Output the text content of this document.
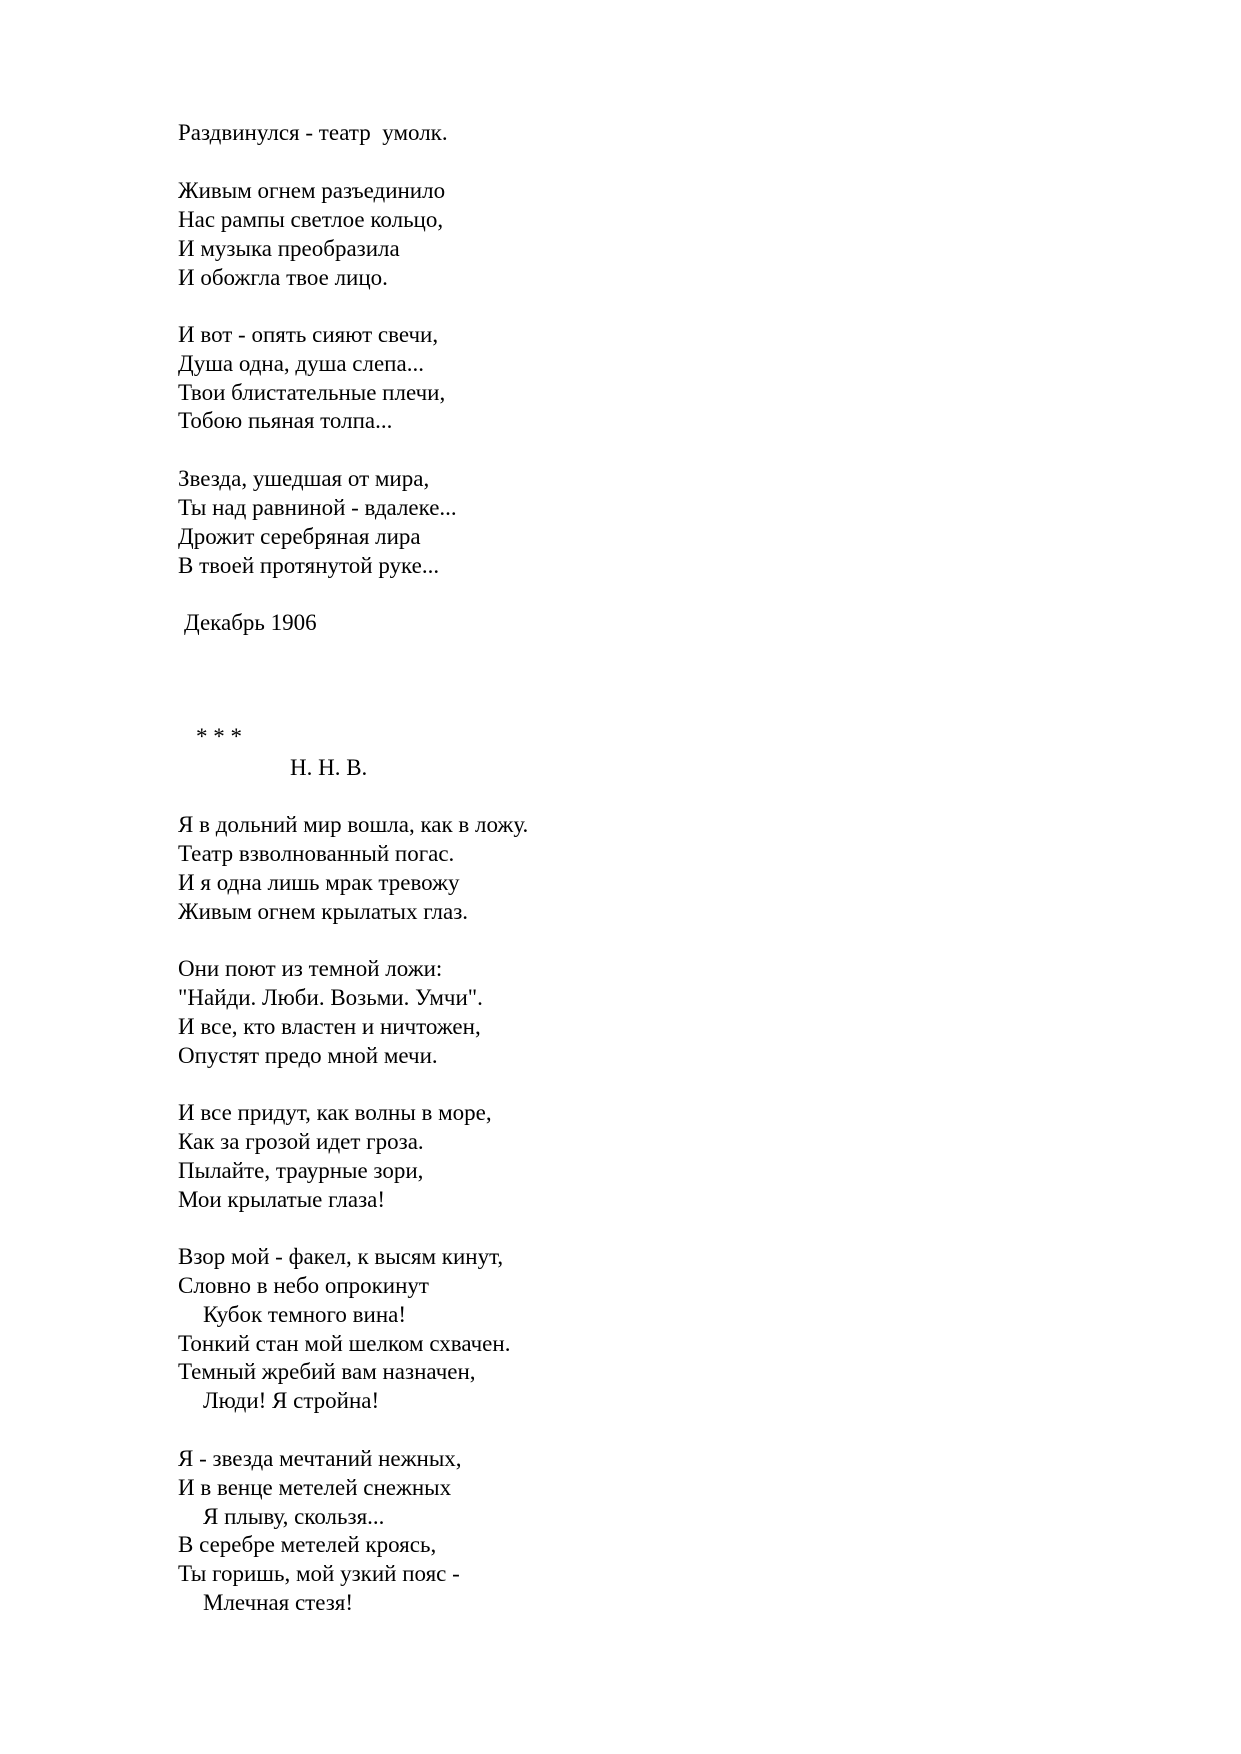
Раздвинулся - театр  умолк.
Живым огнем разъединило
Нас рампы светлое кольцо,
И музыка преобразила
И обожгла твое лицо.
И вот - опять сияют свечи,
Душа одна, душа слепа...
Твои блистательные плечи,
Тобою пьяная толпа...
Звезда, ушедшая от мира,
Ты над равниной - вдалеке...
Дрожит серебряная лира
В твоей протянутой руке...
Декабрь 1906
* * *
Н. Н. В.
Я в дольний мир вошла, как в ложу.
Театр взволнованный погас.
И я одна лишь мрак тревожу
Живым огнем крылатых глаз.
Они поют из темной ложи:
"Найди. Люби. Возьми. Умчи".
И все, кто властен и ничтожен,
Опустят предо мной мечи.
И все придут, как волны в море,
Как за грозой идет гроза.
Пылайте, траурные зори,
Мои крылатые глаза!
Взор мой - факел, к высям кинут,
Словно в небо опрокинут
Кубок темного вина!
Тонкий стан мой шелком схвачен.
Темный жребий вам назначен,
Люди! Я стройна!
Я - звезда мечтаний нежных,
И в венце метелей снежных
Я плыву, скользя...
В серебре метелей кроясь,
Ты горишь, мой узкий пояс -
Млечная стезя!
